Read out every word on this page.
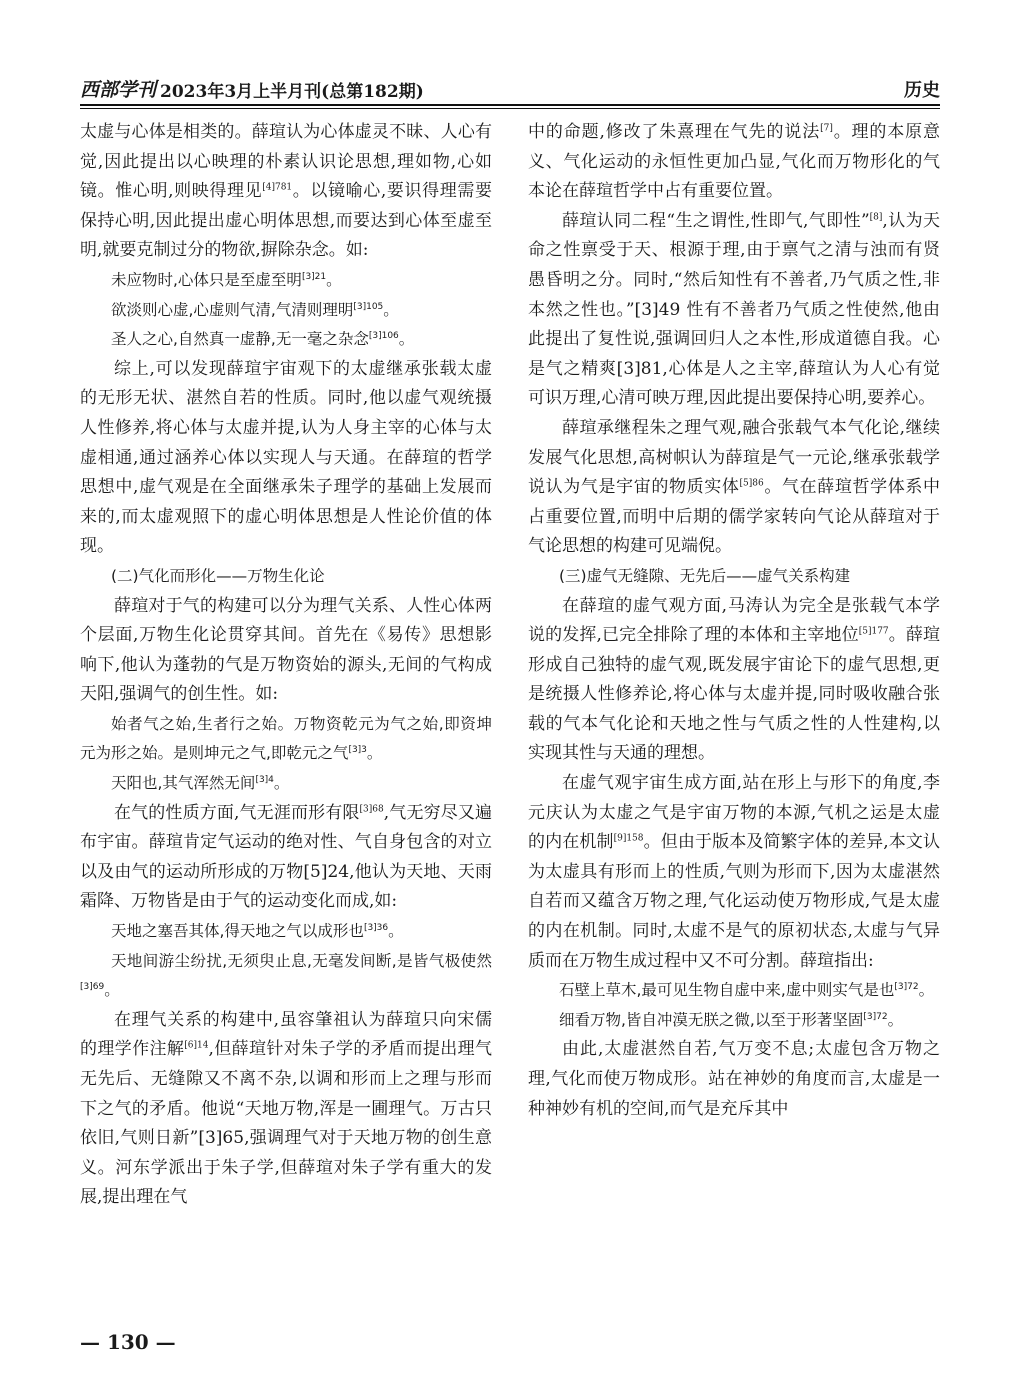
西部学刊 2023年3月上半月刊(总第182期)	历史

太虚与心体是相类的。薛瑄认为心体虚灵不昧、人心有觉,因此提出以心映理的朴素认识论思想,理如物,心如镜。惟心明,则映得理见$^{[4]781}$。以镜喻心,要识得理需要保持心明,因此提出虚心明体思想,而要达到心体至虚至明,就要克制过分的物欲,摒除杂念。如:

未应物时,心体只是至虚至明$^{[3]21}$。

欲淡则心虚,心虚则气清,气清则理明$^{[3]105}$。

圣人之心,自然真一虚静,无一毫之杂念$^{[3]106}$。

综上,可以发现薛瑄宇宙观下的太虚继承张载太虚的无形无状、湛然自若的性质。同时,他以虚气观统摄人性修养,将心体与太虚并提,认为人身主宰的心体与太虚相通,通过涵养心体以实现人与天通。在薛瑄的哲学思想中,虚气观是在全面继承朱子理学的基础上发展而来的,而太虚观照下的虚心明体思想是人性论价值的体现。

(二)气化而形化——万物生化论

薛瑄对于气的构建可以分为理气关系、人性心体两个层面,万物生化论贯穿其间。首先在《易传》思想影响下,他认为蓬勃的气是万物资始的源头,无间的气构成天阳,强调气的创生性。如:

始者气之始,生者行之始。万物资乾元为气之始,即资坤元为形之始。是则坤元之气,即乾元之气$^{[3]3}$。

天阳也,其气浑然无间$^{[3]4}$。

在气的性质方面,气无涯而形有限$^{[3]68}$,气无穷尽又遍布宇宙。薛瑄肯定气运动的绝对性、气自身包含的对立以及由气的运动所形成的万物[5]24,他认为天地、天雨霜降、万物皆是由于气的运动变化而成,如:

天地之塞吾其体,得天地之气以成形也$^{[3]36}$。

天地间游尘纷扰,无须臾止息,无毫发间断,是皆气极使然$^{[3]69}$。

在理气关系的构建中,虽容肇祖认为薛瑄只向宋儒的理学作注解$^{[6]14}$,但薛瑄针对朱子学的矛盾而提出理气无先后、无缝隙又不离不杂,以调和形而上之理与形而下之气的矛盾。他说“天地万物,浑是一圃理气。万古只依旧,气则日新”[3]65,强调理气对于天地万物的创生意义。河东学派出于朱子学,但薛瑄对朱子学有重大的发展,提出理在气

中的命题,修改了朱熹理在气先的说法[7]。理的本原意义、气化运动的永恒性更加凸显,气化而万物形化的气本论在薛瑄哲学中占有重要位置。

薛瑄认同二程“生之谓性,性即气,气即性”[8],认为天命之性禀受于天、根源于理,由于禀气之清与浊而有贤愚昏明之分。同时,“然后知性有不善者,乃气质之性,非本然之性也。”[3]49 性有不善者乃气质之性使然,他由此提出了复性说,强调回归人之本性,形成道德自我。心是气之精爽[3]81,心体是人之主宰,薛瑄认为人心有觉可识万理,心清可映万理,因此提出要保持心明,要养心。

薛瑄承继程朱之理气观,融合张载气本气化论,继续发展气化思想,高树帜认为薛瑄是气一元论,继承张载学说认为气是宇宙的物质实体$^{[5]86}$。气在薛瑄哲学体系中占重要位置,而明中后期的儒学家转向气论从薛瑄对于气论思想的构建可见端倪。

(三)虚气无缝隙、无先后——虚气关系构建

在薛瑄的虚气观方面,马涛认为完全是张载气本学说的发挥,已完全排除了理的本体和主宰地位$^{[5]177}$。薛瑄形成自己独特的虚气观,既发展宇宙论下的虚气思想,更是统摄人性修养论,将心体与太虚并提,同时吸收融合张载的气本气化论和天地之性与气质之性的人性建构,以实现其性与天通的理想。

在虚气观宇宙生成方面,站在形上与形下的角度,李元庆认为太虚之气是宇宙万物的本源,气机之运是太虚的内在机制$^{[9]158}$。但由于版本及简繁字体的差异,本文认为太虚具有形而上的性质,气则为形而下,因为太虚湛然自若而又蕴含万物之理,气化运动使万物形成,气是太虚的内在机制。同时,太虚不是气的原初状态,太虚与气异质而在万物生成过程中又不可分割。薛瑄指出:

石壁上草木,最可见生物自虚中来,虚中则实气是也$^{[3]72}$。

细看万物,皆自冲漠无朕之微,以至于形著坚固$^{[3]72}$。

由此,太虚湛然自若,气万变不息;太虚包含万物之理,气化而使万物成形。站在神妙的角度而言,太虚是一种神妙有机的空间,而气是充斥其中

— 130 —
